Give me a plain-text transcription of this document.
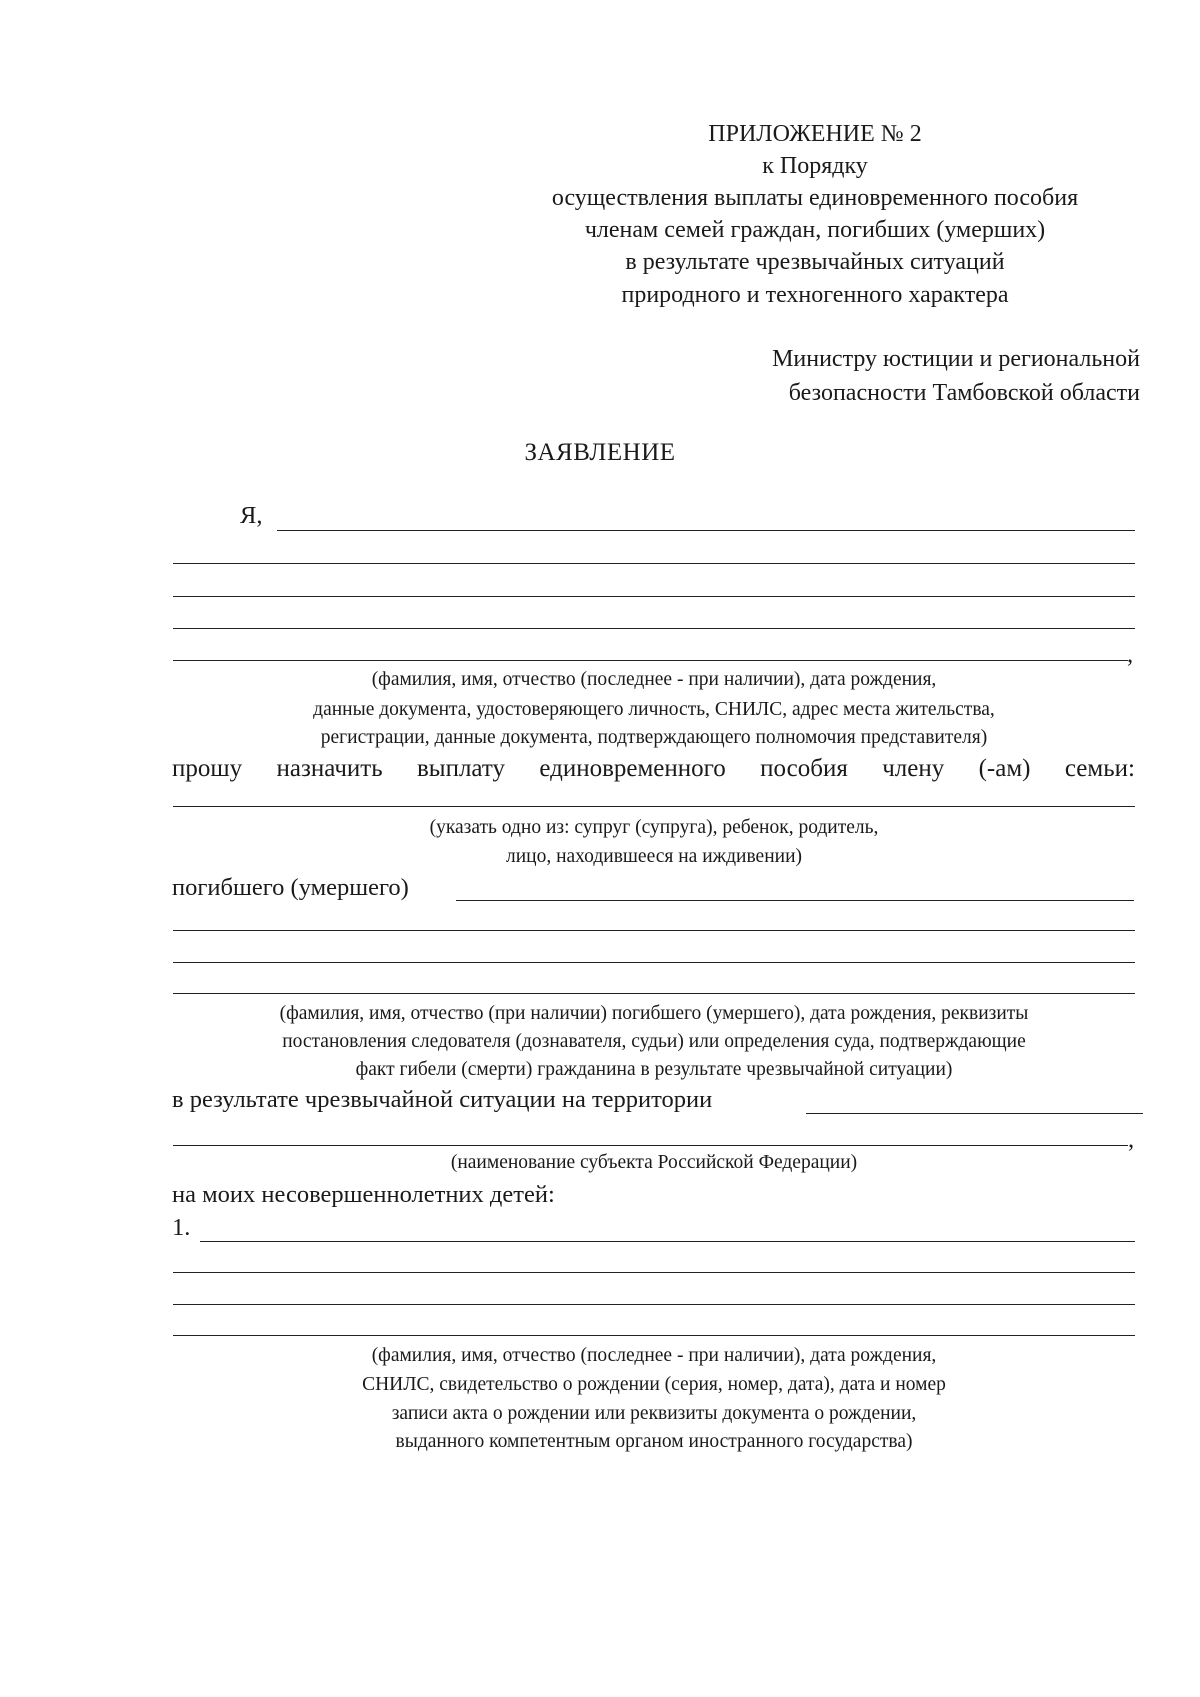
ПРИЛОЖЕНИЕ № 2
к Порядку
осуществления выплаты единовременного пособия
членам семей граждан, погибших (умерших)
в результате чрезвычайных ситуаций
природного и техногенного характера
Министру юстиции и региональной
безопасности Тамбовской области
ЗАЯВЛЕНИЕ
Я,
,
(фамилия, имя, отчество (последнее - при наличии), дата рождения,
данные документа, удостоверяющего личность, СНИЛС, адрес места жительства,
регистрации, данные документа, подтверждающего полномочия представителя)
прошу назначить выплату единовременного пособия члену (-ам) семьи:
(указать одно из: супруг (супруга), ребенок, родитель,
лицо, находившееся на иждивении)
погибшего (умершего)
(фамилия, имя, отчество (при наличии) погибшего (умершего), дата рождения, реквизиты
постановления следователя (дознавателя, судьи) или определения суда, подтверждающие
факт гибели (смерти) гражданина в результате чрезвычайной ситуации)
в результате чрезвычайной ситуации на территории
,
(наименование субъекта Российской Федерации)
на моих несовершеннолетних детей:
1.
(фамилия, имя, отчество (последнее - при наличии), дата рождения,
СНИЛС, свидетельство о рождении (серия, номер, дата), дата и номер
записи акта о рождении или реквизиты документа о рождении,
выданного компетентным органом иностранного государства)
